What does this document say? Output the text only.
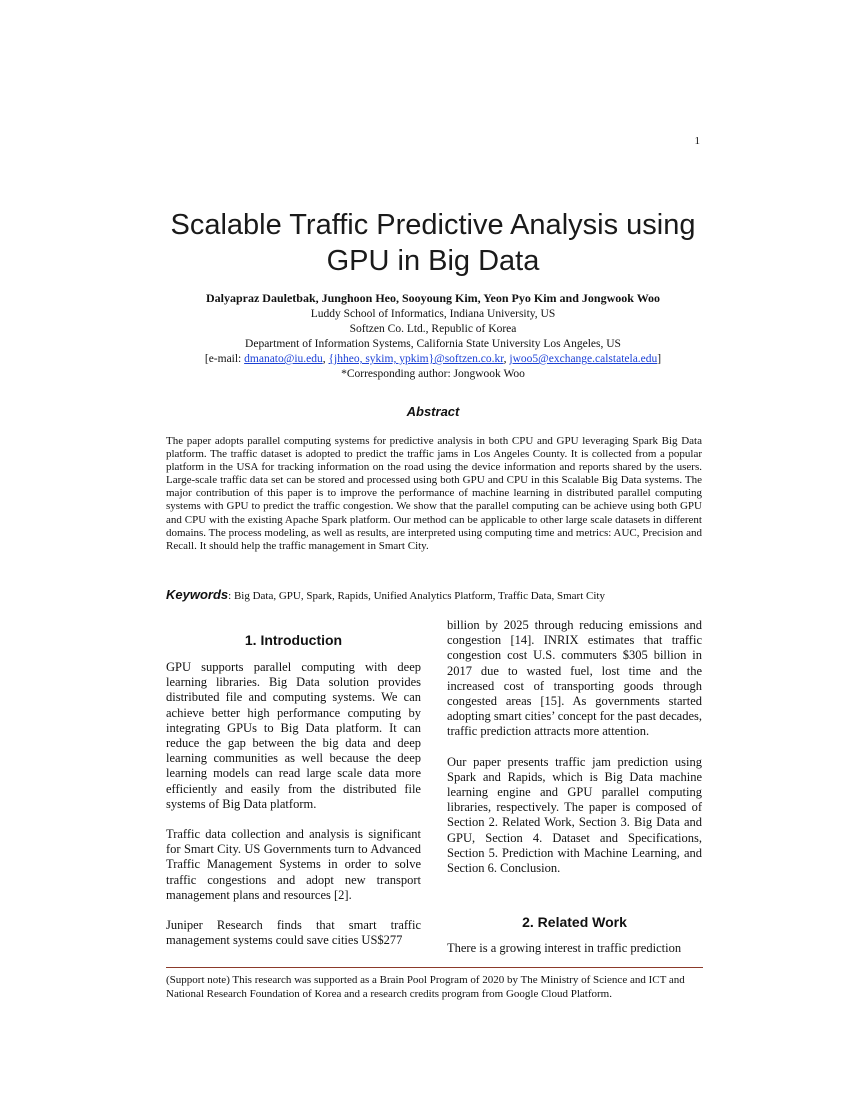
1
Scalable Traffic Predictive Analysis using
GPU in Big Data
Dalyapraz Dauletbak, Junghoon Heo, Sooyoung Kim, Yeon Pyo Kim and Jongwook Woo
Luddy School of Informatics, Indiana University, US
Softzen Co. Ltd., Republic of Korea
Department of Information Systems, California State University Los Angeles, US
[e-mail: dmanato@iu.edu, {jhheo, sykim, ypkim}@softzen.co.kr, jwoo5@exchange.calstatela.edu]
*Corresponding author: Jongwook Woo
Abstract
The paper adopts parallel computing systems for predictive analysis in both CPU and GPU leveraging Spark Big Data platform. The traffic dataset is adopted to predict the traffic jams in Los Angeles County. It is collected from a popular platform in the USA for tracking information on the road using the device information and reports shared by the users. Large-scale traffic data set can be stored and processed using both GPU and CPU in this Scalable Big Data systems. The major contribution of this paper is to improve the performance of machine learning in distributed parallel computing systems with GPU to predict the traffic congestion. We show that the parallel computing can be achieve using both GPU and CPU with the existing Apache Spark platform. Our method can be applicable to other large scale datasets in different domains. The process modeling, as well as results, are interpreted using computing time and metrics: AUC, Precision and Recall. It should help the traffic management in Smart City.
Keywords: Big Data, GPU, Spark, Rapids, Unified Analytics Platform, Traffic Data, Smart City
1. Introduction

GPU supports parallel computing with deep learning libraries. Big Data solution provides distributed file and computing systems. We can achieve better high performance computing by integrating GPUs to Big Data platform. It can reduce the gap between the big data and deep learning communities as well because the deep learning models can read large scale data more efficiently and easily from the distributed file systems of Big Data platform.

Traffic data collection and analysis is significant for Smart City. US Governments turn to Advanced Traffic Management Systems in order to solve traffic congestions and adopt new transport management plans and resources [2].

Juniper Research finds that smart traffic management systems could save cities US$277

billion by 2025 through reducing emissions and congestion [14]. INRIX estimates that traffic congestion cost U.S. commuters $305 billion in 2017 due to wasted fuel, lost time and the increased cost of transporting goods through congested areas [15]. As governments started adopting smart cities’ concept for the past decades, traffic prediction attracts more attention.

Our paper presents traffic jam prediction using Spark and Rapids, which is Big Data machine learning engine and GPU parallel computing libraries, respectively. The paper is composed of Section 2. Related Work, Section 3. Big Data and GPU, Section 4. Dataset and Specifications, Section 5. Prediction with Machine Learning, and Section 6. Conclusion.

2. Related Work
There is a growing interest in traffic prediction
(Support note) This research was supported as a Brain Pool Program of 2020 by The Ministry of Science and ICT and National Research Foundation of Korea and a research credits program from Google Cloud Platform.
